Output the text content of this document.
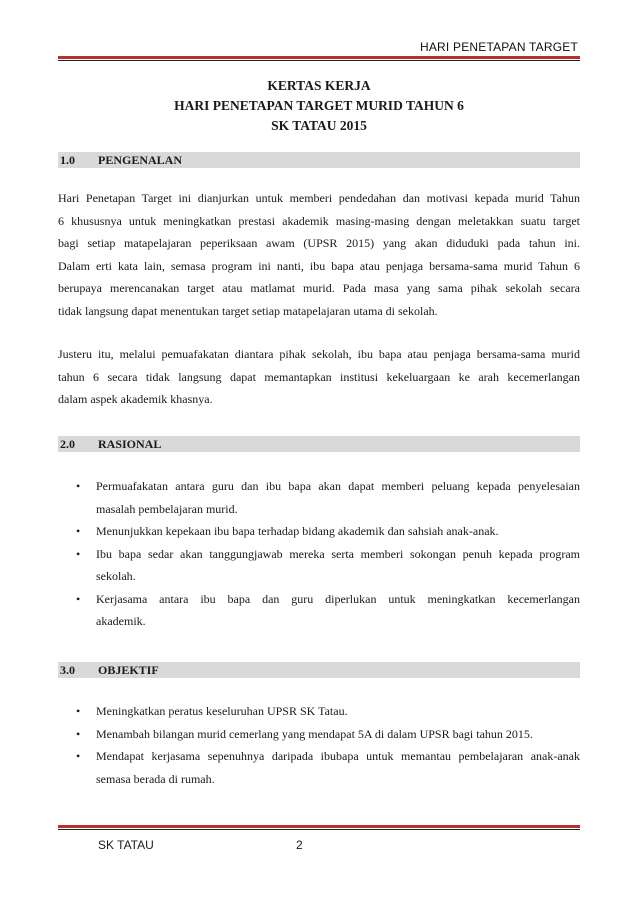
HARI PENETAPAN TARGET
KERTAS KERJA
HARI PENETAPAN TARGET MURID TAHUN 6
SK TATAU 2015
1.0 PENGENALAN
Hari Penetapan Target ini dianjurkan untuk memberi pendedahan dan motivasi kepada murid Tahun
6 khususnya untuk meningkatkan prestasi akademik masing-masing dengan meletakkan suatu target
bagi setiap matapelajaran peperiksaan awam (UPSR 2015) yang akan diduduki pada tahun ini.
Dalam erti kata lain, semasa program ini nanti, ibu bapa atau penjaga bersama-sama murid Tahun 6
berupaya merencanakan target atau matlamat murid. Pada masa yang sama pihak sekolah secara
tidak langsung dapat menentukan target setiap matapelajaran utama di sekolah.
Justeru itu, melalui pemuafakatan diantara pihak sekolah, ibu bapa atau penjaga bersama-sama murid
tahun 6 secara tidak langsung dapat memantapkan institusi kekeluargaan ke arah kecemerlangan
dalam aspek akademik khasnya.
2.0 RASIONAL
• Permuafakatan antara guru dan ibu bapa akan dapat memberi peluang kepada penyelesaian
masalah pembelajaran murid.
• Menunjukkan kepekaan ibu bapa terhadap bidang akademik dan sahsiah anak-anak.
• Ibu bapa sedar akan tanggungjawab mereka serta memberi sokongan penuh kepada program
sekolah.
• Kerjasama antara ibu bapa dan guru diperlukan untuk meningkatkan kecemerlangan
akademik.
3.0 OBJEKTIF
• Meningkatkan peratus keseluruhan UPSR SK Tatau.
• Menambah bilangan murid cemerlang yang mendapat 5A di dalam UPSR bagi tahun 2015.
• Mendapat kerjasama sepenuhnya daripada ibubapa untuk memantau pembelajaran anak-anak
semasa berada di rumah.
SK TATAU	2
